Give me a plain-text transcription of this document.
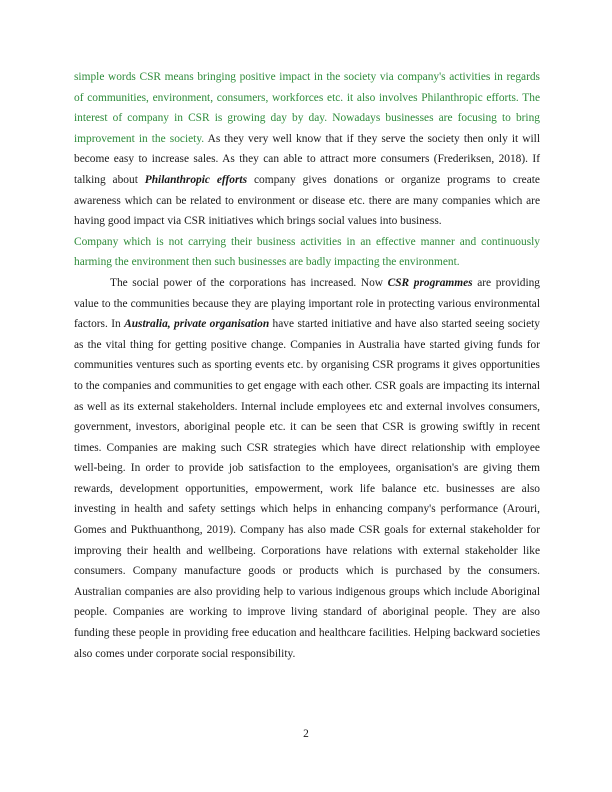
simple words CSR means bringing positive impact in the society via company's activities in regards of communities, environment, consumers, workforces etc. it also involves Philanthropic efforts. The interest of company in CSR is growing day by day. Nowadays businesses are focusing to bring improvement in the society. As they very well know that if they serve the society then only it will become easy to increase sales. As they can able to attract more consumers (Frederiksen, 2018). If talking about Philanthropic efforts company gives donations or organize programs to create awareness which can be related to environment or disease etc. there are many companies which are having good impact via CSR initiatives which brings social values into business.

Company which is not carrying their business activities in an effective manner and continuously harming the environment then such businesses are badly impacting the environment.

The social power of the corporations has increased. Now CSR programmes are providing value to the communities because they are playing important role in protecting various environmental factors. In Australia, private organisation have started initiative and have also started seeing society as the vital thing for getting positive change. Companies in Australia have started giving funds for communities ventures such as sporting events etc. by organising CSR programs it gives opportunities to the companies and communities to get engage with each other. CSR goals are impacting its internal as well as its external stakeholders. Internal include employees etc and external involves consumers, government, investors, aboriginal people etc. it can be seen that CSR is growing swiftly in recent times. Companies are making such CSR strategies which have direct relationship with employee well-being. In order to provide job satisfaction to the employees, organisation's are giving them rewards, development opportunities, empowerment, work life balance etc. businesses are also investing in health and safety settings which helps in enhancing company's performance (Arouri, Gomes and Pukthuanthong, 2019). Company has also made CSR goals for external stakeholder for improving their health and wellbeing. Corporations have relations with external stakeholder like consumers. Company manufacture goods or products which is purchased by the consumers. Australian companies are also providing help to various indigenous groups which include Aboriginal people. Companies are working to improve living standard of aboriginal people. They are also funding these people in providing free education and healthcare facilities. Helping backward societies also comes under corporate social responsibility.

2
